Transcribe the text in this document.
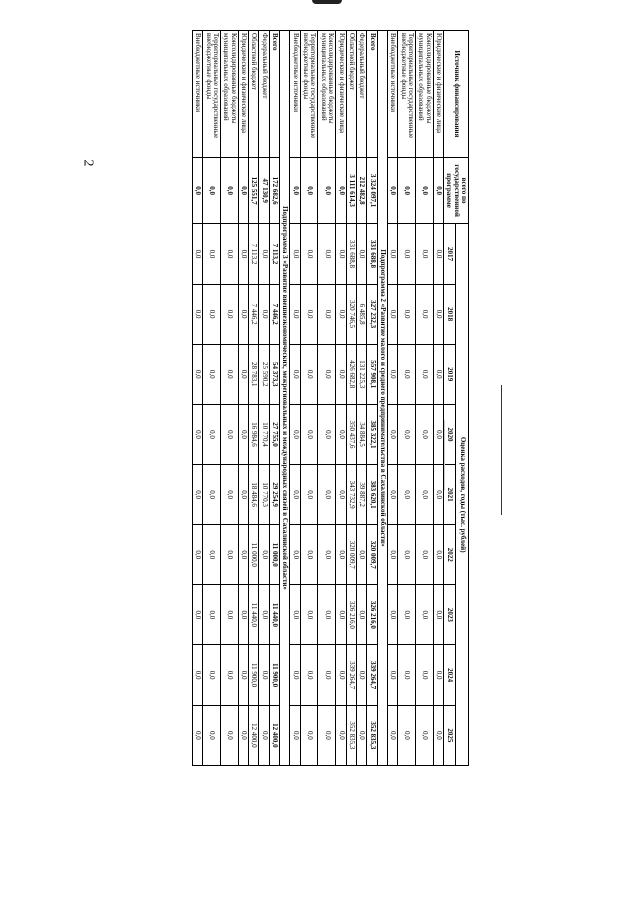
2
Источник финансирования	всего по государственной программе	Оценка расходов, годы (тыс. рублей)								
		2017	2018	2019	2020	2021	2022	2023	2024	2025
Юридические и физические лица	0,0	0,0	0,0	0,0	0,0	0,0	0,0	0,0	0,0	0,0
Консолидированные бюджеты муниципальных образований	0,0	0,0	0,0	0,0	0,0	0,0	0,0	0,0	0,0	0,0
Территориальные государственные внебюджетные фонды	0,0	0,0	0,0	0,0	0,0	0,0	0,0	0,0	0,0	0,0
Внебюджетные источники	0,0	0,0	0,0	0,0	0,0	0,0	0,0	0,0	0,0	0,0
Подпрограмма 2 «Развитие малого и среднего предпринимательства в Сахалинской области»										
Всего	3 324 097,1	331 688,8	327 232,3	557 908,1	385 322,1	383 620,1	320 009,7	326 216,0	339 264,7	352 835,3
Федеральный бюджет	212 482,8	0,0	6 485,8	131 225,3	34 884,5	39 887,2	0,0	0,0	0,0	0,0
Областной бюджет	3 111 614,3	331 688,8	320 746,5	426 682,8	350 437,6	343 732,9	320 009,7	326 216,0	339 264,7	352 835,3
Юридические и физические лица	0,0	0,0	0,0	0,0	0,0	0,0	0,0	0,0	0,0	0,0
Консолидированные бюджеты муниципальных образований	0,0	0,0	0,0	0,0	0,0	0,0	0,0	0,0	0,0	0,0
Территориальные государственные внебюджетные фонды	0,0	0,0	0,0	0,0	0,0	0,0	0,0	0,0	0,0	0,0
Внебюджетные источники	0,0	0,0	0,0	0,0	0,0	0,0	0,0	0,0	0,0	0,0
Подпрограмма 3 «Развитие внешнеэкономических, межрегиональных и международных связей в Сахалинской области»										
Всего	172 682,6	7 113,2	7 446,2	54 373,3	27 755,0	29 254,9	11 000,0	11 440,0	11 900,0	12 400,0
Федеральный бюджет	47 130,9	0,0	0,0	25 590,2	10 770,4	10 770,3	0,0	0,0	0,0	0,0
Областной бюджет	125 551,7	7 113,2	7 446,2	28 783,1	16 984,6	18 484,6	11 000,0	11 440,0	11 900,0	12 400,0
Юридические и физические лица	0,0	0,0	0,0	0,0	0,0	0,0	0,0	0,0	0,0	0,0
Консолидированные бюджеты муниципальных образований	0,0	0,0	0,0	0,0	0,0	0,0	0,0	0,0	0,0	0,0
Территориальные государственные внебюджетные фонды	0,0	0,0	0,0	0,0	0,0	0,0	0,0	0,0	0,0	0,0
Внебюджетные источники	0,0	0,0	0,0	0,0	0,0	0,0	0,0	0,0	0,0	0,0
